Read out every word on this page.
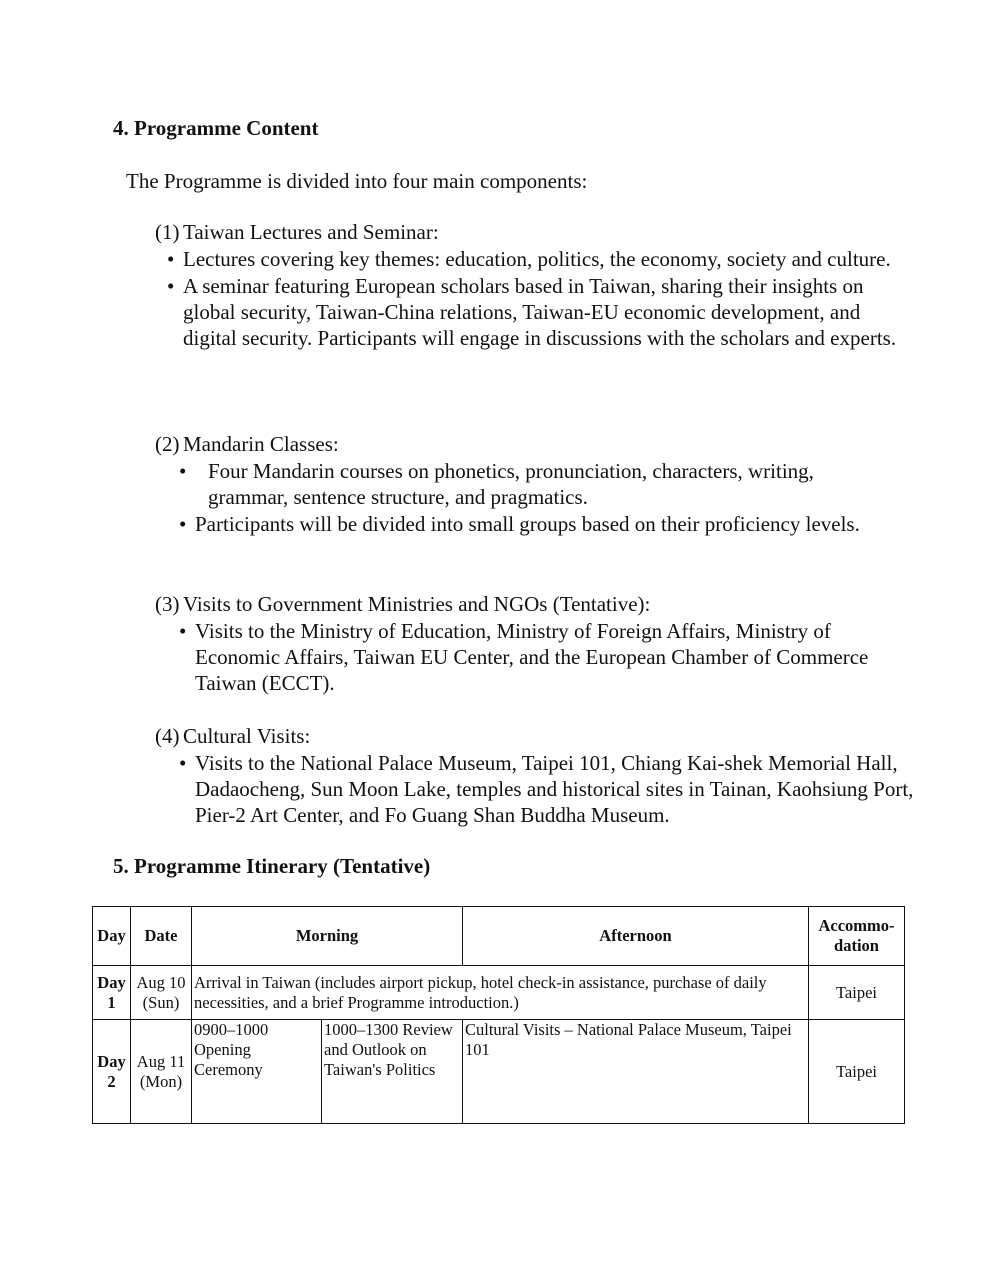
4. Programme Content

The Programme is divided into four main components:

(1) Taiwan Lectures and Seminar:
• Lectures covering key themes: education, politics, the economy, society and culture.
• A seminar featuring European scholars based in Taiwan, sharing their insights on global security, Taiwan-China relations, Taiwan-EU economic development, and digital security. Participants will engage in discussions with the scholars and experts.
(2) Mandarin Classes:
• Four Mandarin courses on phonetics, pronunciation, characters, writing, grammar, sentence structure, and pragmatics.
• Participants will be divided into small groups based on their proficiency levels.
(3) Visits to Government Ministries and NGOs (Tentative):
• Visits to the Ministry of Education, Ministry of Foreign Affairs, Ministry of Economic Affairs, Taiwan EU Center, and the European Chamber of Commerce Taiwan (ECCT).
(4) Cultural Visits:
• Visits to the National Palace Museum, Taipei 101, Chiang Kai-shek Memorial Hall, Dadaocheng, Sun Moon Lake, temples and historical sites in Tainan, Kaohsiung Port, Pier-2 Art Center, and Fo Guang Shan Buddha Museum.
5. Programme Itinerary (Tentative)
Day	Date	Morning		Afternoon	Accommo-dation
Day 1	Aug 10 (Sun)	Arrival in Taiwan (includes airport pickup, hotel check-in assistance, purchase of daily necessities, and a brief Programme introduction.)			Taipei
Day 2	Aug 11 (Mon)	0900–1000 Opening Ceremony	1000–1300 Review and Outlook on Taiwan's Politics	Cultural Visits – National Palace Museum, Taipei 101	Taipei
